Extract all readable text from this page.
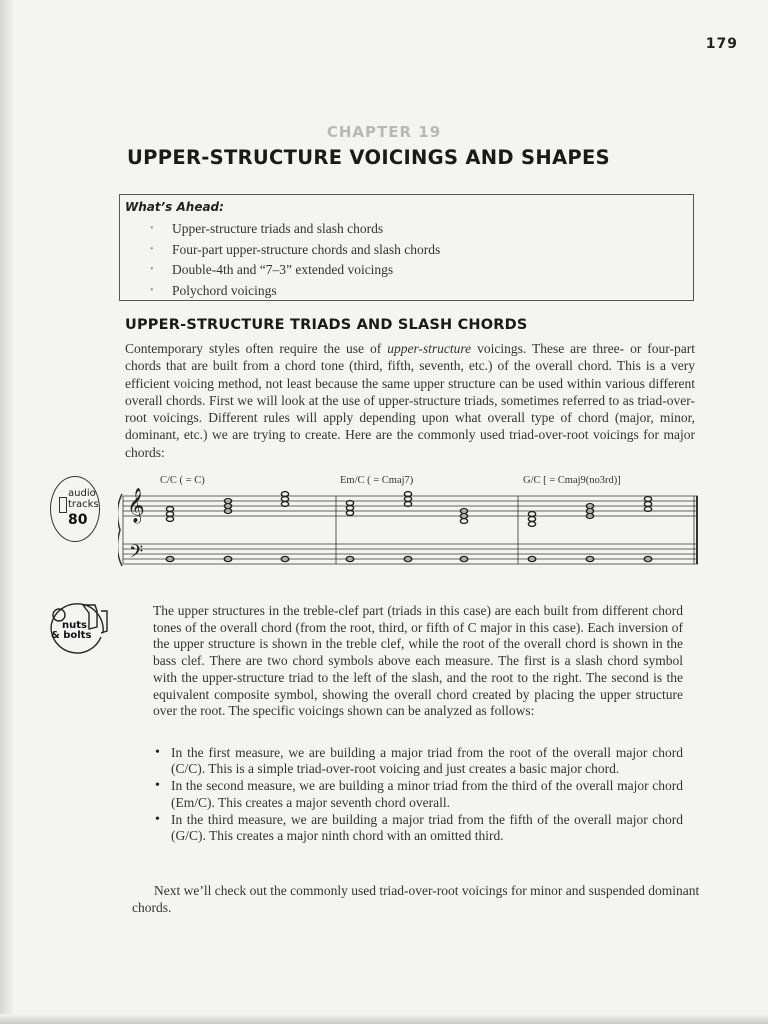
179
CHAPTER 19
UPPER-STRUCTURE VOICINGS AND SHAPES
What’s Ahead:
• Upper-structure triads and slash chords
• Four-part upper-structure chords and slash chords
• Double-4th and “7–3” extended voicings
• Polychord voicings
UPPER-STRUCTURE TRIADS AND SLASH CHORDS

Contemporary styles often require the use of upper-structure voicings. These are three- or four-part chords that are built from a chord tone (third, fifth, seventh, etc.) of the overall chord. This is a very efficient voicing method, not least because the same upper structure can be used within various different overall chords. First we will look at the use of upper-structure triads, sometimes referred to as triad-over-root voicings. Different rules will apply depending upon what overall type of chord (major, minor, dominant, etc.) we are trying to create. Here are the commonly used triad-over-root voicings for major chords:

audio
tracks
80 𝄞
𝄢
C/C ( = C)	Em/C ( = Cmaj7)	G/C [ = Cmaj9(no3rd)]
nuts
& bolts

The upper structures in the treble-clef part (triads in this case) are each built from different chord tones of the overall chord (from the root, third, or fifth of C major in this case). Each inversion of the upper structure is shown in the treble clef, while the root of the overall chord is shown in the bass clef. There are two chord symbols above each measure. The first is a slash chord symbol with the upper-structure triad to the left of the slash, and the root to the right. The second is the equivalent composite symbol, showing the overall chord created by placing the upper structure over the root. The specific voicings shown can be analyzed as follows:

• In the first measure, we are building a major triad from the root of the overall major chord (C/C). This is a simple triad-over-root voicing and just creates a basic major chord.
• In the second measure, we are building a minor triad from the third of the overall major chord (Em/C). This creates a major seventh chord overall.
• In the third measure, we are building a major triad from the fifth of the overall major chord (G/C). This creates a major ninth chord with an omitted third.

Next we’ll check out the commonly used triad-over-root voicings for minor and suspended dominant chords.
